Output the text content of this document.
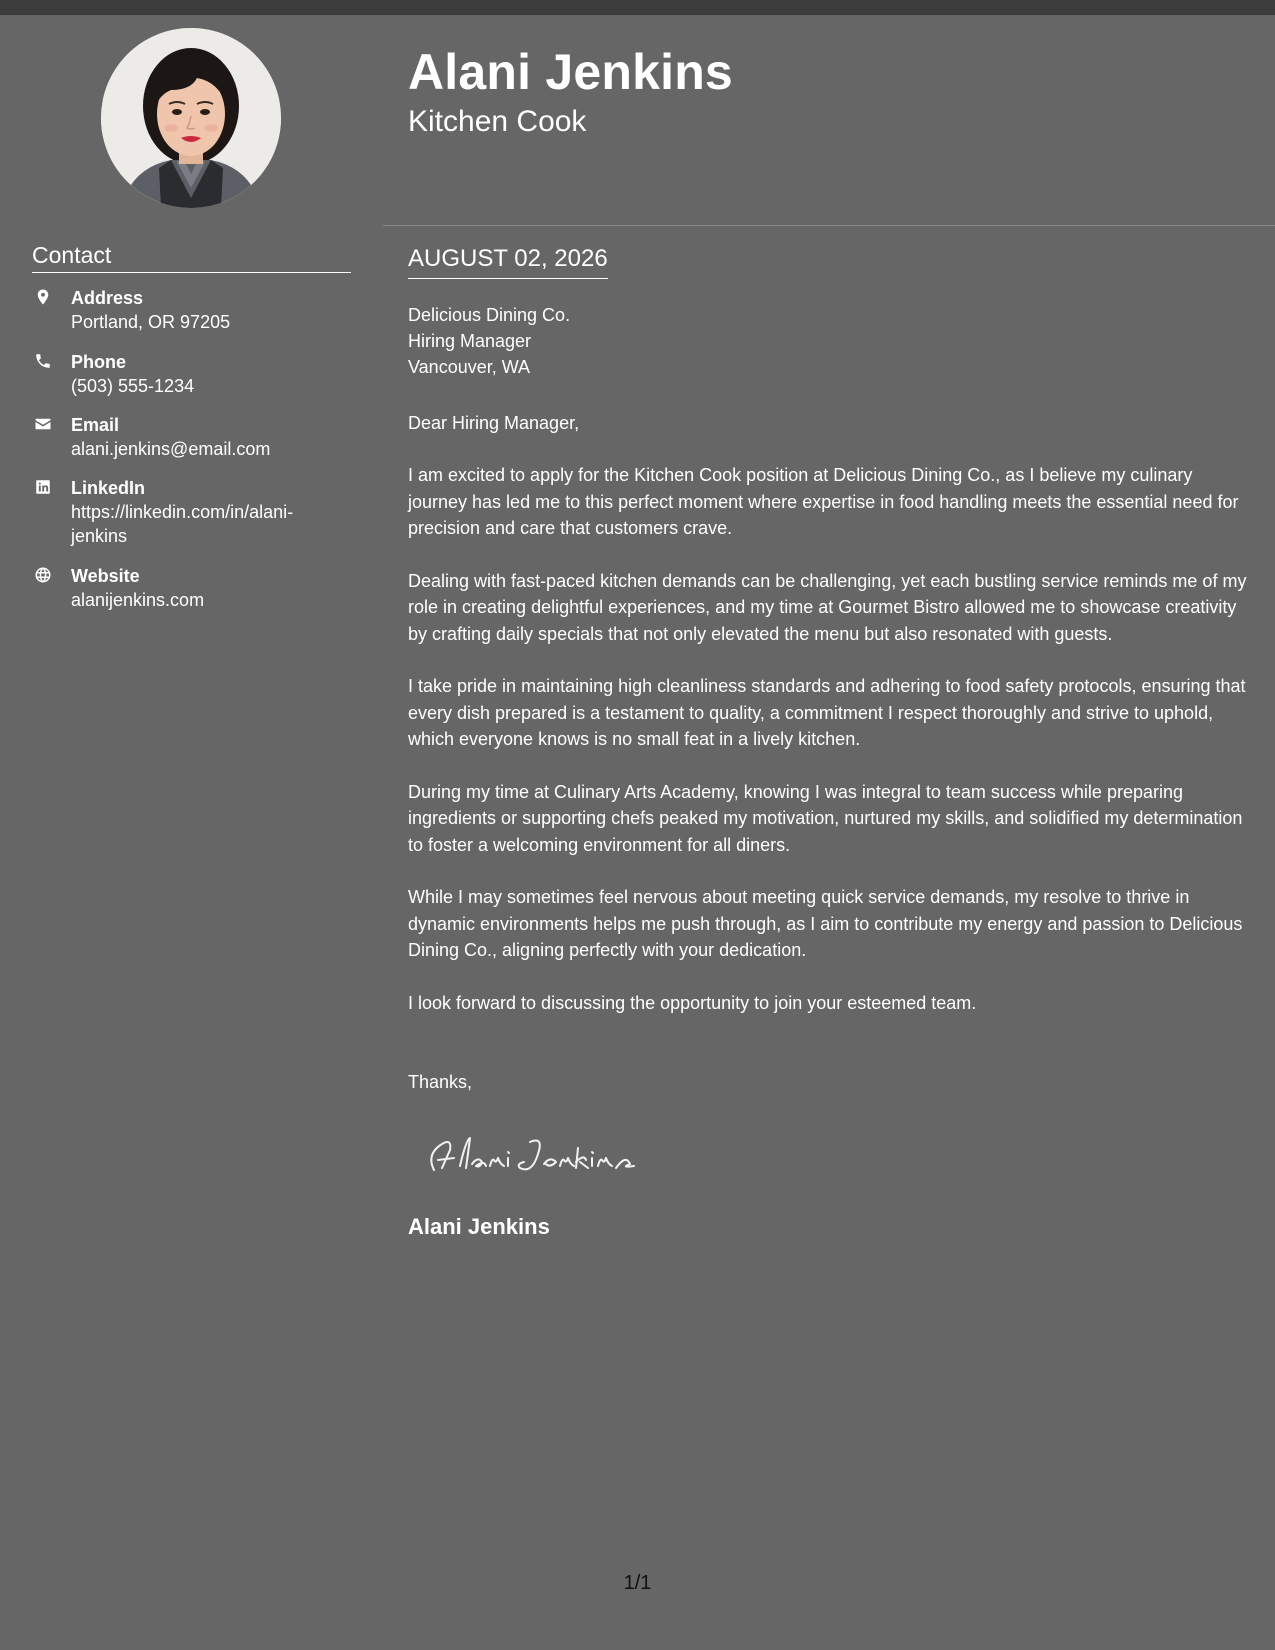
Alani Jenkins
Kitchen Cook
Contact
Address
Portland, OR 97205
Phone
(503) 555-1234
Email
alani.jenkins@email.com
LinkedIn
https://linkedin.com/in/alani-jenkins
Website
alanijenkins.com
AUGUST 02, 2026
Delicious Dining Co.
Hiring Manager
Vancouver, WA
Dear Hiring Manager,

I am excited to apply for the Kitchen Cook position at Delicious Dining Co., as I believe my culinary journey has led me to this perfect moment where expertise in food handling meets the essential need for precision and care that customers crave.

Dealing with fast-paced kitchen demands can be challenging, yet each bustling service reminds me of my role in creating delightful experiences, and my time at Gourmet Bistro allowed me to showcase creativity by crafting daily specials that not only elevated the menu but also resonated with guests.

I take pride in maintaining high cleanliness standards and adhering to food safety protocols, ensuring that every dish prepared is a testament to quality, a commitment I respect thoroughly and strive to uphold, which everyone knows is no small feat in a lively kitchen.

During my time at Culinary Arts Academy, knowing I was integral to team success while preparing ingredients or supporting chefs peaked my motivation, nurtured my skills, and solidified my determination to foster a welcoming environment for all diners.

While I may sometimes feel nervous about meeting quick service demands, my resolve to thrive in dynamic environments helps me push through, as I aim to contribute my energy and passion to Delicious Dining Co., aligning perfectly with your dedication.

I look forward to discussing the opportunity to join your esteemed team.

Thanks,
Alani Jenkins
1/1
